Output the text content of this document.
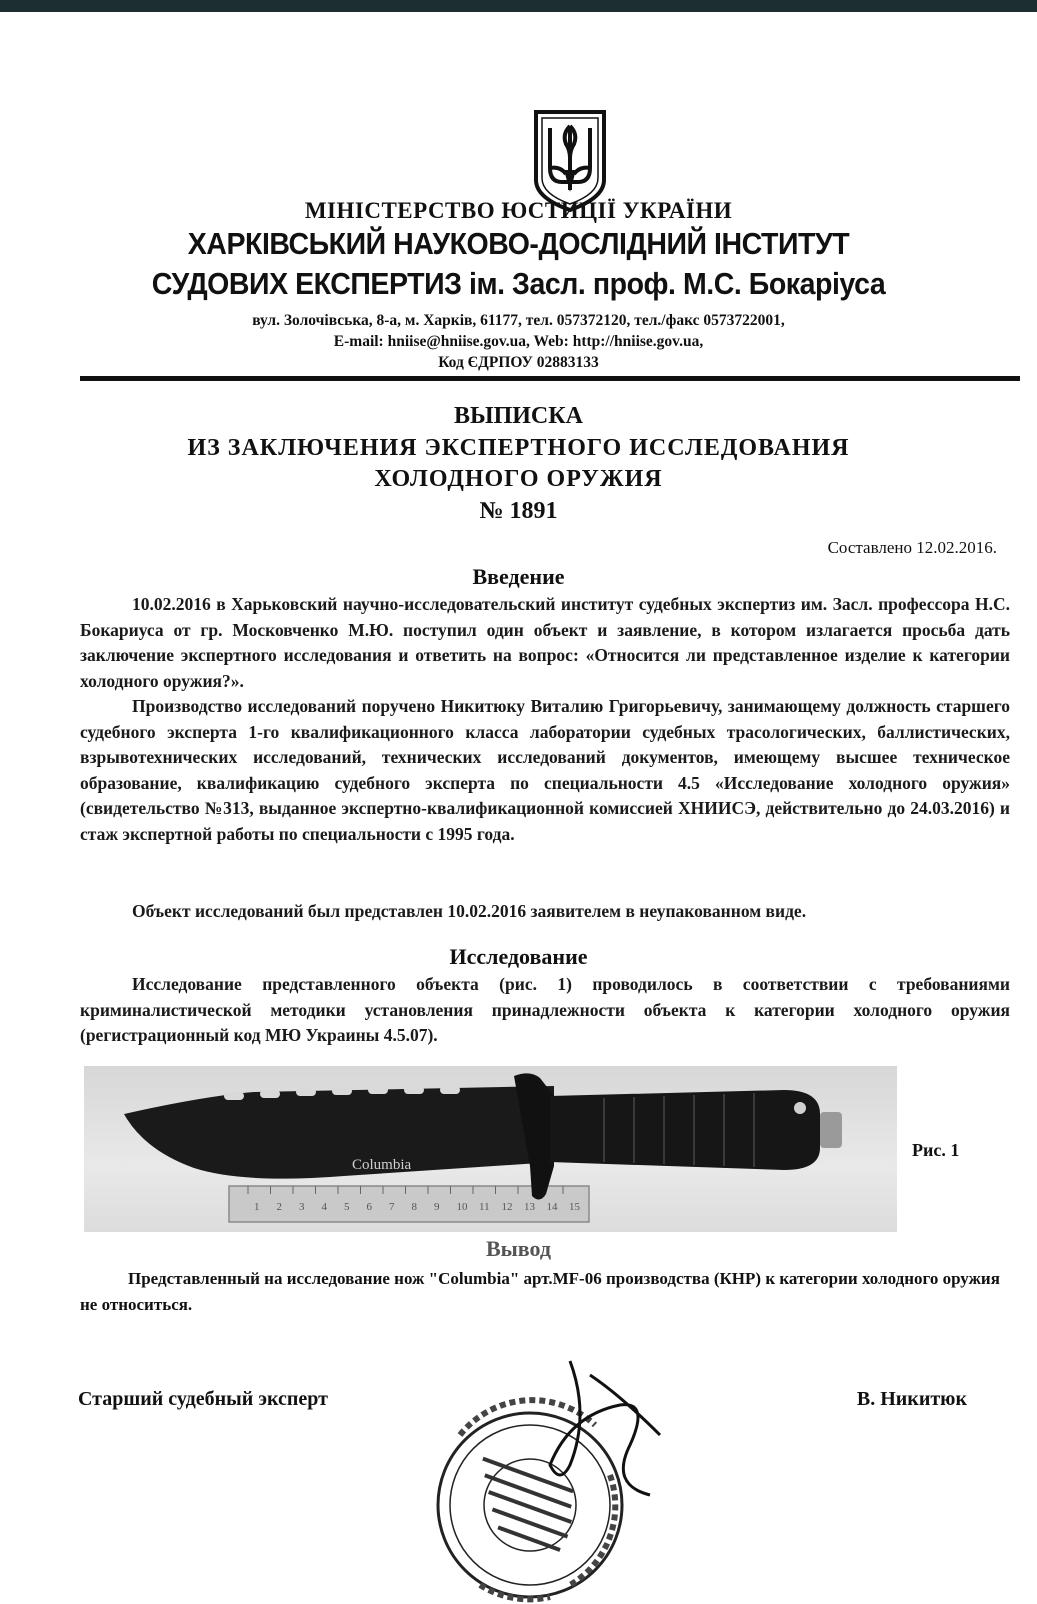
МІНІСТЕРСТВО ЮСТИЦІЇ УКРАЇНИ

ХАРКІВСЬКИЙ НАУКОВО-ДОСЛІДНИЙ ІНСТИТУТ

СУДОВИХ ЕКСПЕРТИЗ ім. Засл. проф. М.С. Бокаріуса

вул. Золочівська, 8-а, м. Харків, 61177, тел. 057372120, тел./факс 0573722001,

E-mail: hniise@hniise.gov.ua, Web: http://hniise.gov.ua,

Код ЄДРПОУ 02883133

ВЫПИСКА

ИЗ ЗАКЛЮЧЕНИЯ ЭКСПЕРТНОГО ИССЛЕДОВАНИЯ

ХОЛОДНОГО ОРУЖИЯ

№ 1891

Составлено 12.02.2016.

Введение

10.02.2016 в Харьковский научно-исследовательский институт судебных экспертиз им. Засл. профессора Н.С. Бокариуса от гр. Московченко М.Ю. поступил один объект и заявление, в котором излагается просьба дать заключение экспертного исследования и ответить на вопрос: «Относится ли представленное изделие к категории холодного оружия?».

Производство исследований поручено Никитюку Виталию Григорьевичу, занимающему должность старшего судебного эксперта 1-го квалификационного класса лаборатории судебных трасологических, баллистических, взрывотехнических исследований, технических исследований документов, имеющему высшее техническое образование, квалификацию судебного эксперта по специальности 4.5 «Исследование холодного оружия» (свидетельство №313, выданное экспертно-квалификационной комиссией ХНИИСЭ, действительно до 24.03.2016) и стаж экспертной работы по специальности с 1995 года.

Объект исследований был представлен 10.02.2016 заявителем в неупакованном виде.

Исследование

Исследование представленного объекта (рис. 1) проводилось в соответствии с требованиями криминалистической методики установления принадлежности объекта к категории холодного оружия (регистрационный код МЮ Украины 4.5.07).

1 2 3 4 5 6 7 8 9 10 11 12 13 14 15
Columbia

Рис. 1

Вывод

Представленный на исследование нож "Columbia" арт.MF-06 производства (КНР) к категории холодного оружия не относиться.

Старший судебный эксперт	В. Никитюк
